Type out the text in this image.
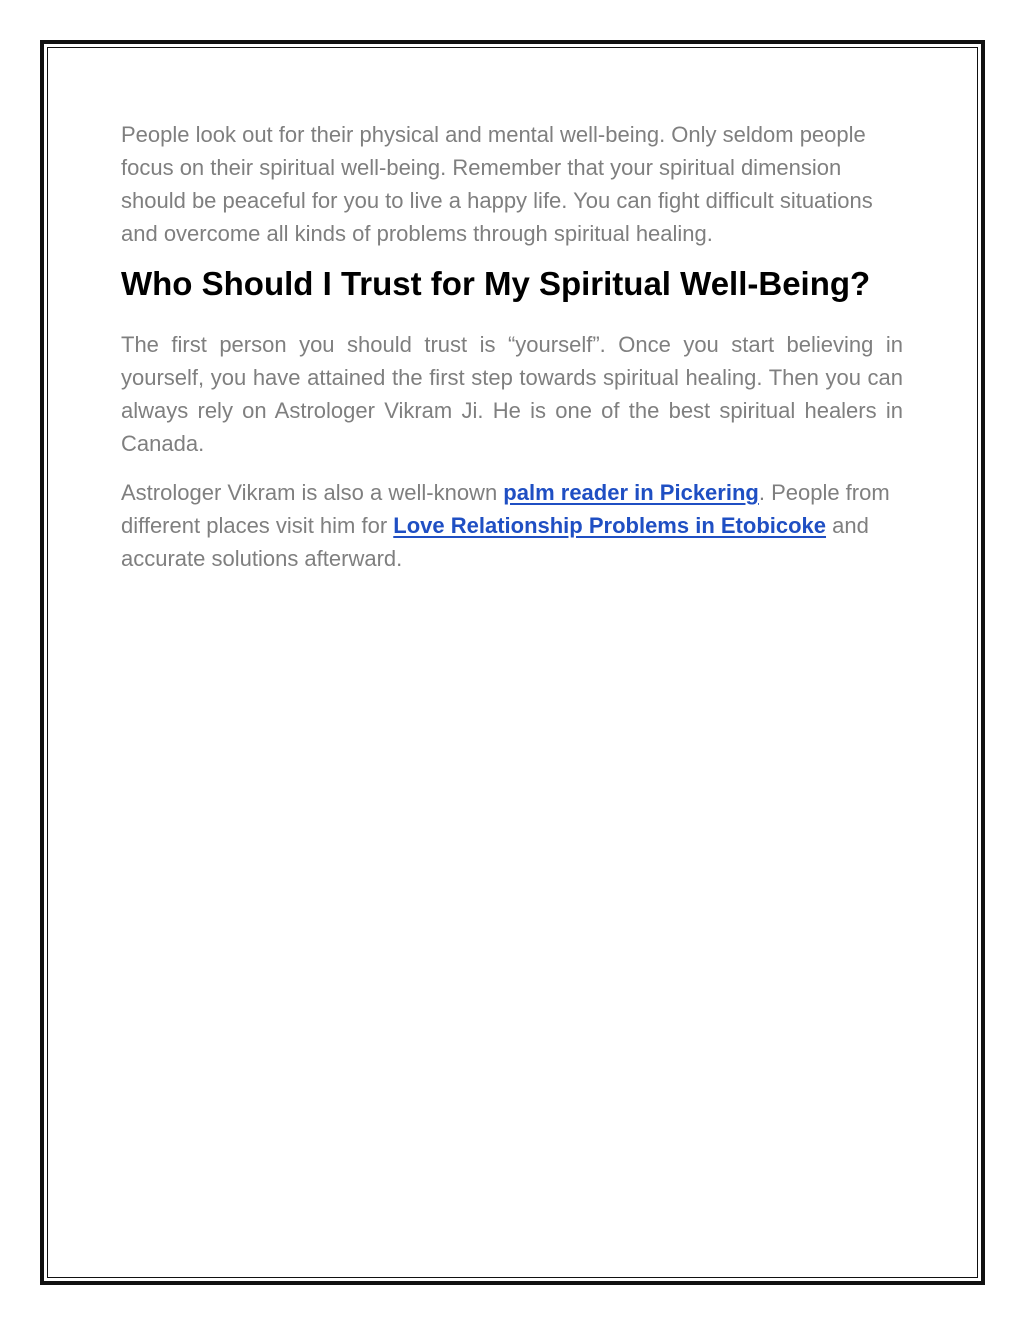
People look out for their physical and mental well-being. Only seldom people focus on their spiritual well-being. Remember that your spiritual dimension should be peaceful for you to live a happy life. You can fight difficult situations and overcome all kinds of problems through spiritual healing.

Who Should I Trust for My Spiritual Well-Being?

The first person you should trust is “yourself”. Once you start believing in yourself, you have attained the first step towards spiritual healing. Then you can always rely on Astrologer Vikram Ji. He is one of the best spiritual healers in Canada.

Astrologer Vikram is also a well-known palm reader in Pickering. People from different places visit him for Love Relationship Problems in Etobicoke and accurate solutions afterward.
